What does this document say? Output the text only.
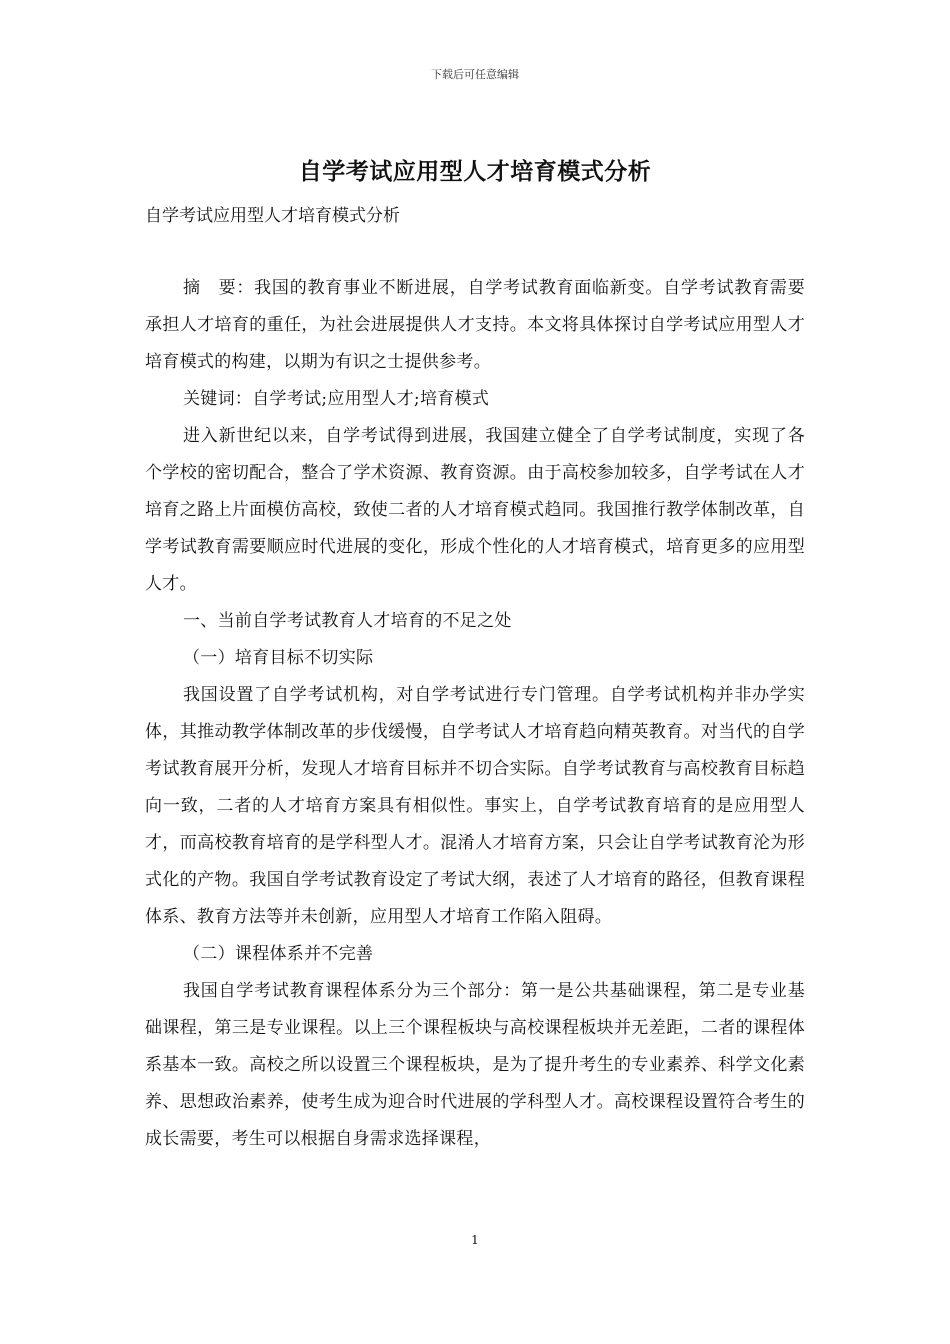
下载后可任意编辑
自学考试应用型人才培育模式分析
自学考试应用型人才培育模式分析

摘　要：我国的教育事业不断进展，自学考试教育面临新变。自学考试教育需要承担人才培育的重任，为社会进展提供人才支持。本文将具体探讨自学考试应用型人才培育模式的构建，以期为有识之士提供参考。

关键词：自学考试;应用型人才;培育模式

进入新世纪以来，自学考试得到进展，我国建立健全了自学考试制度，实现了各个学校的密切配合，整合了学术资源、教育资源。由于高校参加较多，自学考试在人才培育之路上片面模仿高校，致使二者的人才培育模式趋同。我国推行教学体制改革，自学考试教育需要顺应时代进展的变化，形成个性化的人才培育模式，培育更多的应用型人才。

一、当前自学考试教育人才培育的不足之处

（一）培育目标不切实际

我国设置了自学考试机构，对自学考试进行专门管理。自学考试机构并非办学实体，其推动教学体制改革的步伐缓慢，自学考试人才培育趋向精英教育。对当代的自学考试教育展开分析，发现人才培育目标并不切合实际。自学考试教育与高校教育目标趋向一致，二者的人才培育方案具有相似性。事实上，自学考试教育培育的是应用型人才，而高校教育培育的是学科型人才。混淆人才培育方案，只会让自学考试教育沦为形式化的产物。我国自学考试教育设定了考试大纲，表述了人才培育的路径，但教育课程体系、教育方法等并未创新，应用型人才培育工作陷入阻碍。

（二）课程体系并不完善

我国自学考试教育课程体系分为三个部分：第一是公共基础课程，第二是专业基础课程，第三是专业课程。以上三个课程板块与高校课程板块并无差距，二者的课程体系基本一致。高校之所以设置三个课程板块，是为了提升考生的专业素养、科学文化素养、思想政治素养，使考生成为迎合时代进展的学科型人才。高校课程设置符合考生的成长需要，考生可以根据自身需求选择课程，

1
